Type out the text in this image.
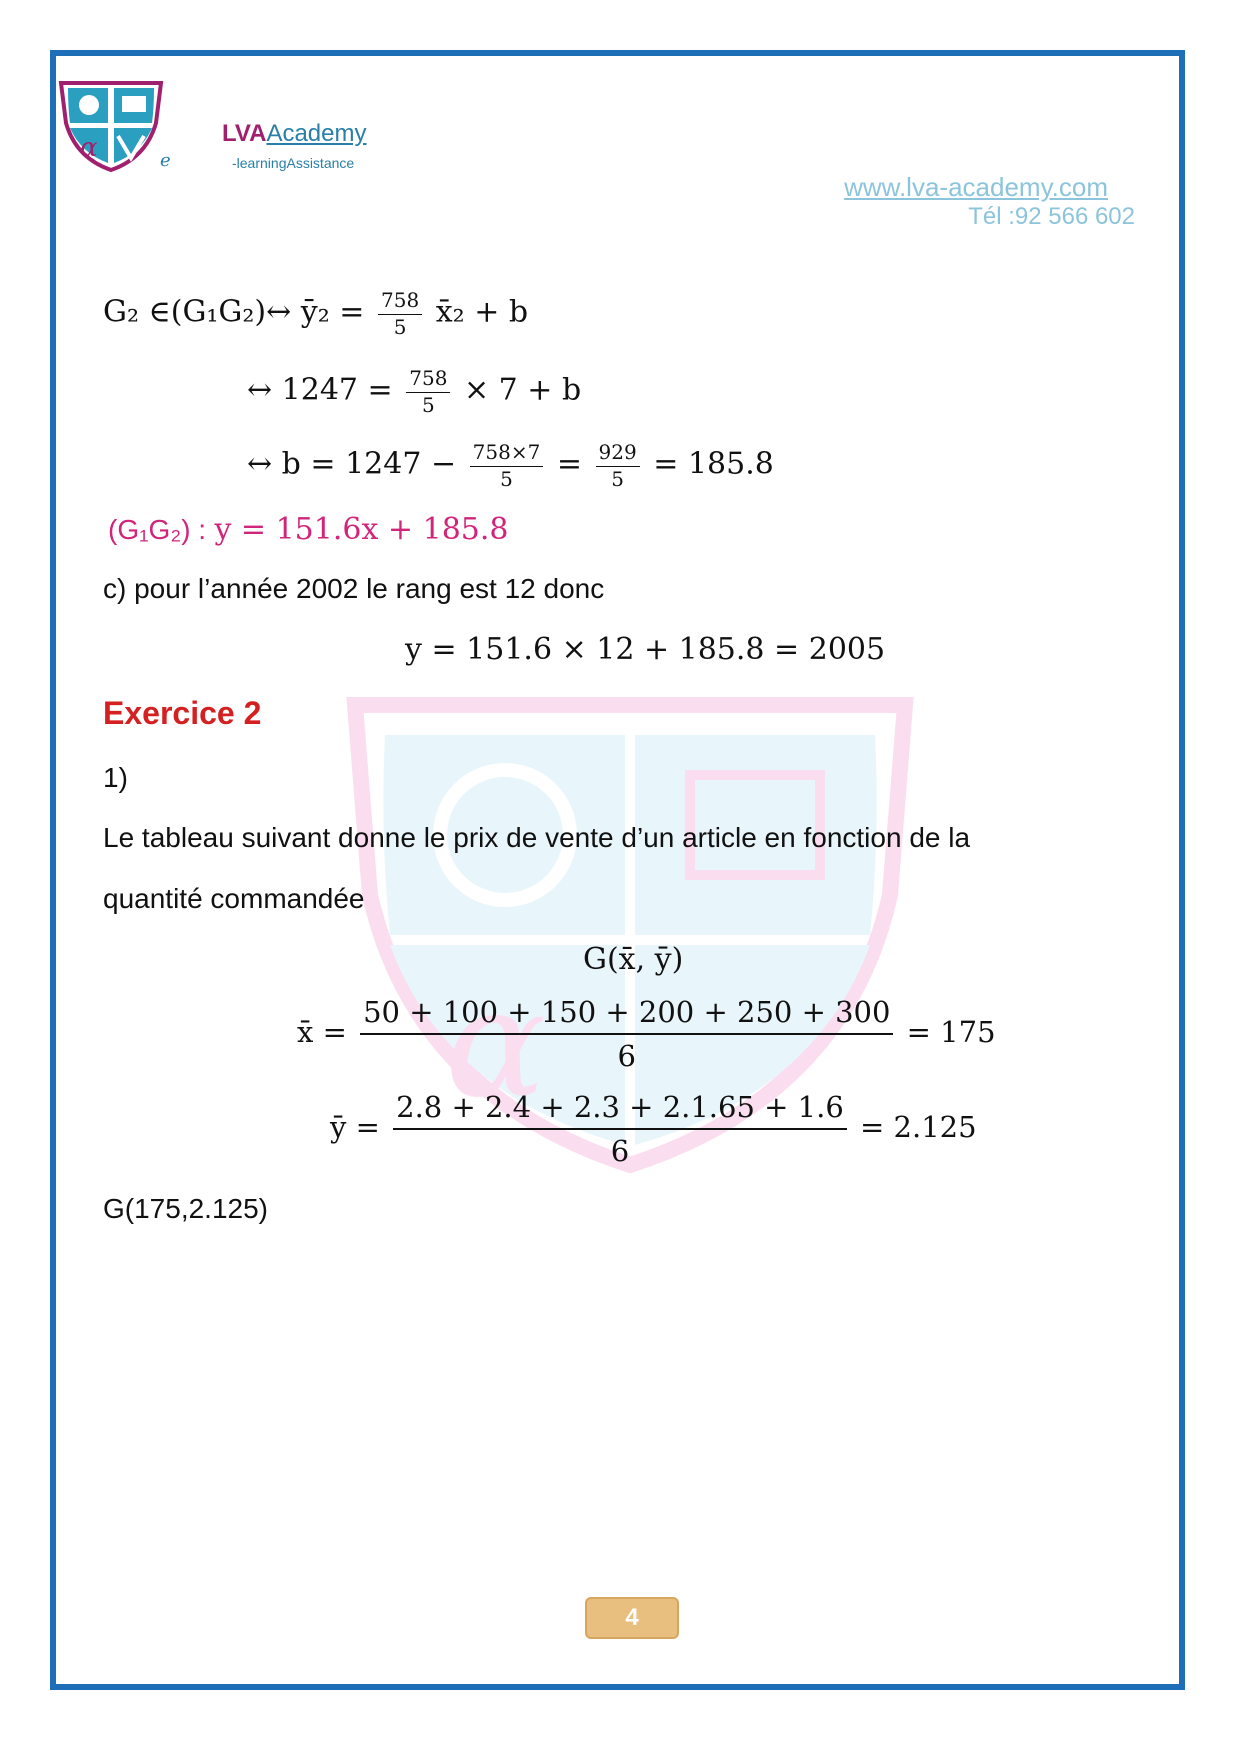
α	e
LVAAcademy
-learningAssistance
www.lva-academy.com
Tél :92 566 602
α
G₂ ∈(G₁G₂)↔ ȳ₂ = $\frac{758}{5}$ x̄₂ + b
↔ $1247 = \frac{758}{5} \times 7 + b$
↔ $b = 1247 - \frac{758\times 7}{5} = \frac{929}{5} = 185.8$
(G₁G₂) : y = 151.6x + 185.8
c) pour l’année 2002 le rang est 12 donc
y = 151.6 × 12 + 185.8 = 2005
Exercice 2
1)
Le tableau suivant donne le prix de vente d’un article en fonction de la
quantité commandée
G(x̄, ȳ)
x̄ = $\frac{50 + 100 + 150 + 200 + 250 + 300}{6} = 175$
ȳ = $\frac{2.8 + 2.4 + 2.3 + 2.1.65 + 1.6}{6} = 2.125$
G(175,2.125)
4
